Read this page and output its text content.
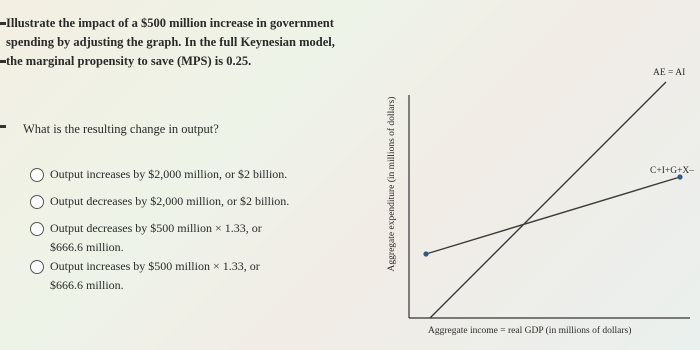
Illustrate the impact of a $500 million increase in government
spending by adjusting the graph. In the full Keynesian model,
the marginal propensity to save (MPS) is 0.25.
What is the resulting change in output?
Output increases by $2,000 million, or $2 billion.
Output decreases by $2,000 million, or $2 billion.
Output decreases by $500 million × 1.33, or
$666.6 million.
Output increases by $500 million × 1.33, or
$666.6 million.
Aggregate expenditure (in millions of dollars)
Aggregate income = real GDP (in millions of dollars)
AE = AI
C+I+G+X–
